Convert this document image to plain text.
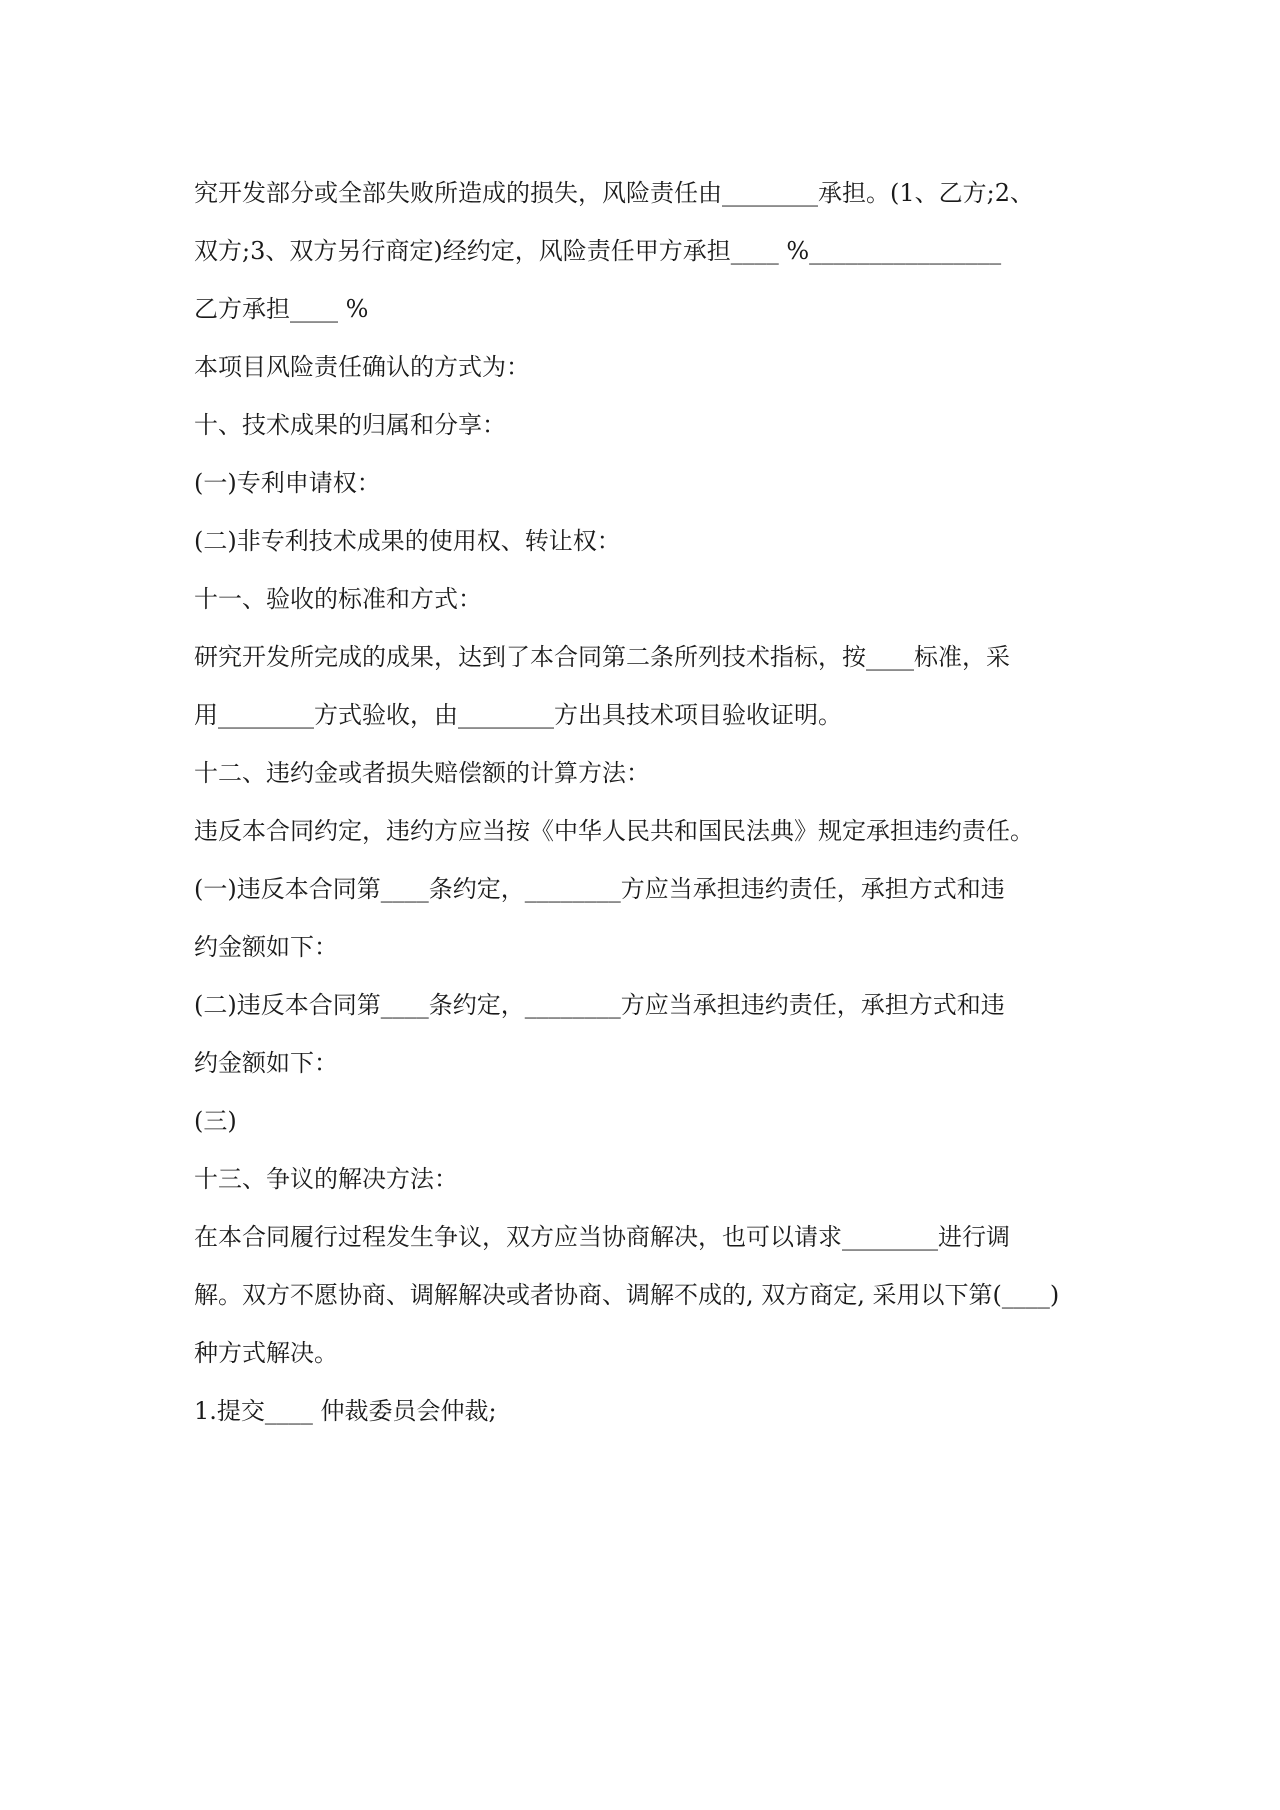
究开发部分或全部失败所造成的损失，风险责任由________承担。(1、乙方;2、
双方;3、双方另行商定)经约定，风险责任甲方承担____ %________________
乙方承担____ %
本项目风险责任确认的方式为：
十、技术成果的归属和分享：
(一)专利申请权：
(二)非专利技术成果的使用权、转让权：
十一、验收的标准和方式：
研究开发所完成的成果，达到了本合同第二条所列技术指标，按____标准，采
用________方式验收，由________方出具技术项目验收证明。
十二、违约金或者损失赔偿额的计算方法：
违反本合同约定，违约方应当按《中华人民共和国民法典》规定承担违约责任。
(一)违反本合同第____条约定，________方应当承担违约责任，承担方式和违
约金额如下：
(二)违反本合同第____条约定，________方应当承担违约责任，承担方式和违
约金额如下：
(三)
十三、争议的解决方法：
在本合同履行过程发生争议，双方应当协商解决，也可以请求________进行调
解。双方不愿协商、调解解决或者协商、调解不成的, 双方商定, 采用以下第(____)
种方式解决。
1.提交____ 仲裁委员会仲裁;
